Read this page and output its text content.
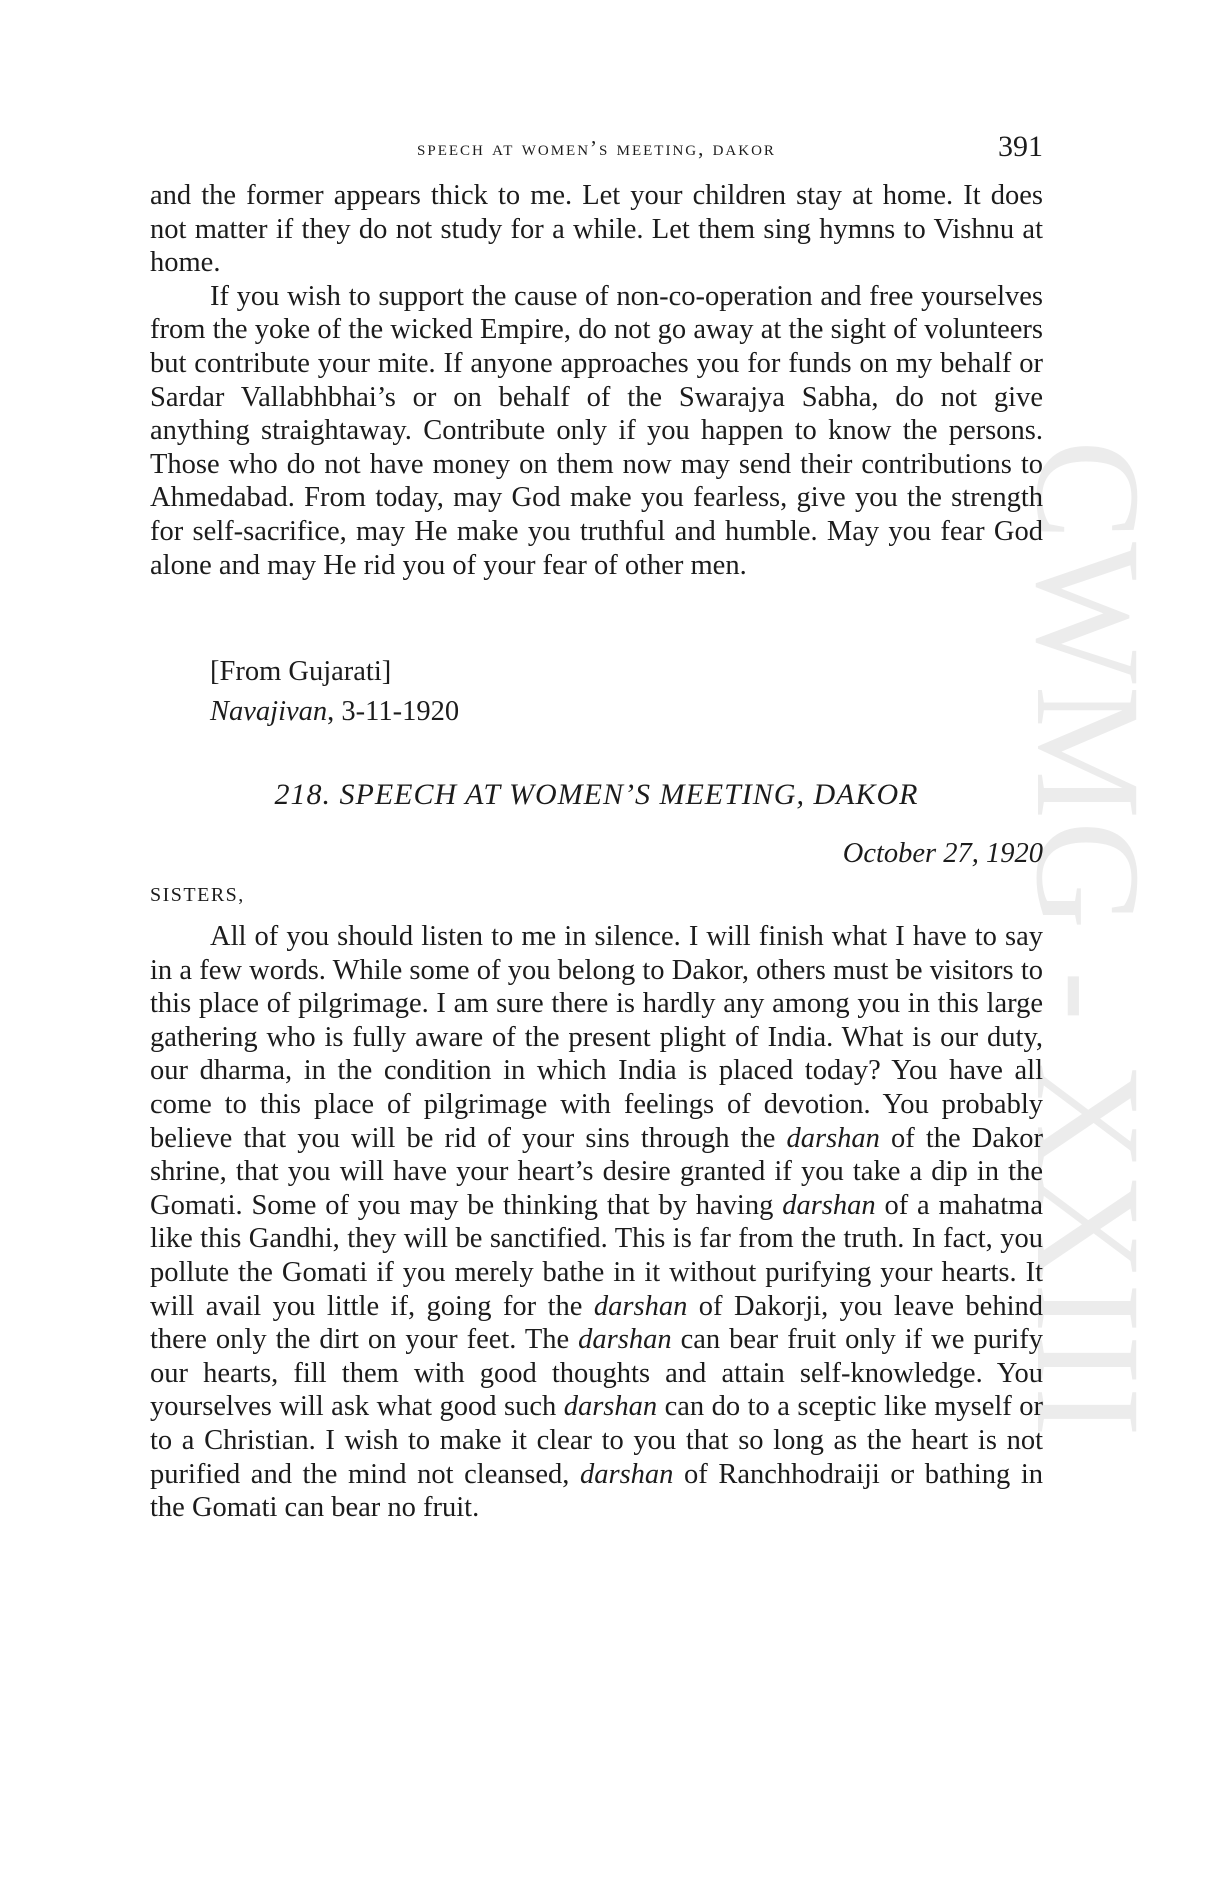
CWMG - XXIII
speech at women’s meeting, dakor	391

and the former appears thick to me. Let your children stay at home. It does not matter if they do not study for a while. Let them sing hymns to Vishnu at home.

If you wish to support the cause of non-co-operation and free yourselves from the yoke of the wicked Empire, do not go away at the sight of volunteers but contribute your mite. If anyone approaches you for funds on my behalf or Sardar Vallabhbhai’s or on behalf of the Swarajya Sabha, do not give anything straightaway. Contribute only if you happen to know the persons. Those who do not have money on them now may send their contributions to Ahmedabad. From today, may God make you fearless, give you the strength for self-sacrifice, may He make you truthful and humble. May you fear God alone and may He rid you of your fear of other men.

[From Gujarati]
Navajivan, 3-11-1920
218. SPEECH AT WOMEN’S MEETING, DAKOR
October 27, 1920
SISTERS,

All of you should listen to me in silence. I will finish what I have to say in a few words. While some of you belong to Dakor, others must be visitors to this place of pilgrimage. I am sure there is hardly any among you in this large gathering who is fully aware of the present plight of India. What is our duty, our dharma, in the condition in which India is placed today? You have all come to this place of pilgrimage with feelings of devotion. You probably believe that you will be rid of your sins through the darshan of the Dakor shrine, that you will have your heart’s desire granted if you take a dip in the Gomati. Some of you may be thinking that by having darshan of a mahatma like this Gandhi, they will be sanctified. This is far from the truth. In fact, you pollute the Gomati if you merely bathe in it without purifying your hearts. It will avail you little if, going for the darshan of Dakorji, you leave behind there only the dirt on your feet. The darshan can bear fruit only if we purify our hearts, fill them with good thoughts and attain self-knowledge. You yourselves will ask what good such darshan can do to a sceptic like myself or to a Christian. I wish to make it clear to you that so long as the heart is not purified and the mind not cleansed, darshan of Ranchhodraiji or bathing in the Gomati can bear no fruit.
